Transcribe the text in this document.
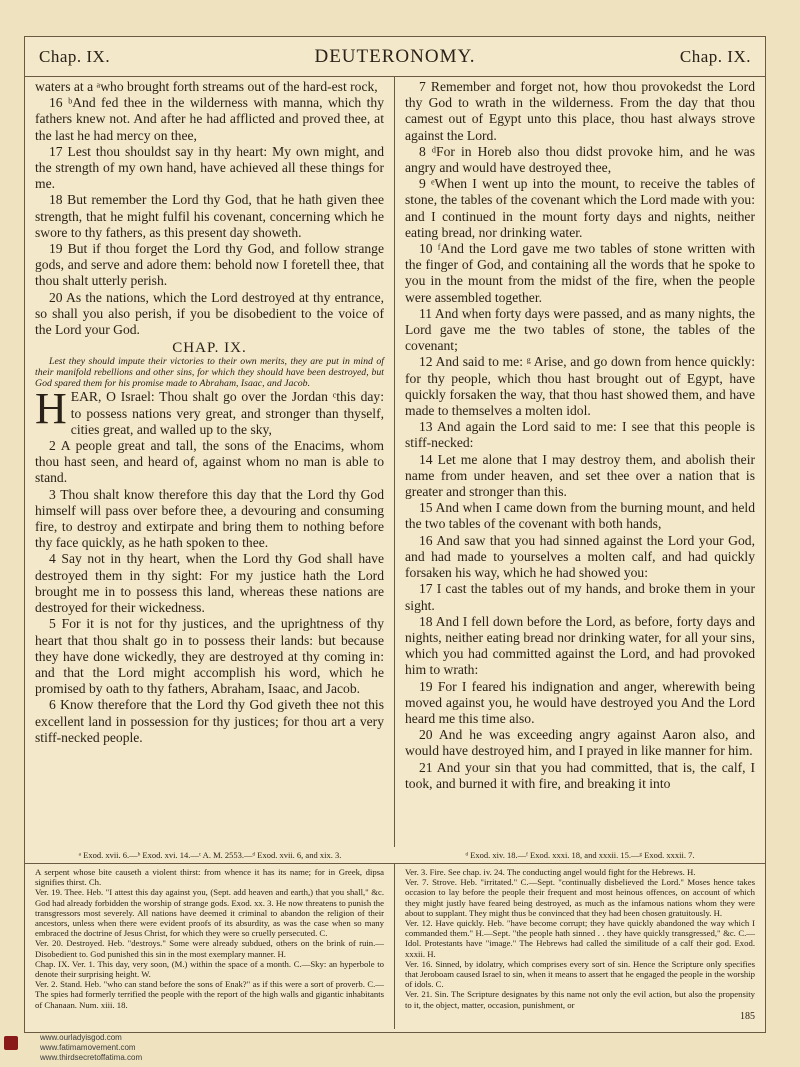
Chap. IX.	DEUTERONOMY.	Chap. IX.

waters at a ᵃwho brought forth streams out of the hard-est rock,

16 ᵇAnd fed thee in the wilderness with manna, which thy fathers knew not. And after he had afflicted and proved thee, at the last he had mercy on thee,

17 Lest thou shouldst say in thy heart: My own might, and the strength of my own hand, have achieved all these things for me.

18 But remember the Lord thy God, that he hath given thee strength, that he might fulfil his covenant, concerning which he swore to thy fathers, as this present day showeth.

19 But if thou forget the Lord thy God, and follow strange gods, and serve and adore them: behold now I foretell thee, that thou shalt utterly perish.

20 As the nations, which the Lord destroyed at thy entrance, so shall you also perish, if you be disobedient to the voice of the Lord your God.

CHAP. IX.

Lest they should impute their victories to their own merits, they are put in mind of their manifold rebellions and other sins, for which they should have been destroyed, but God spared them for his promise made to Abraham, Isaac, and Jacob.

HEAR, O Israel: Thou shalt go over the Jordan ᶜthis day: to possess nations very great, and stronger than thyself, cities great, and walled up to the sky,

2 A people great and tall, the sons of the Enacims, whom thou hast seen, and heard of, against whom no man is able to stand.

3 Thou shalt know therefore this day that the Lord thy God himself will pass over before thee, a devouring and consuming fire, to destroy and extirpate and bring them to nothing before thy face quickly, as he hath spoken to thee.

4 Say not in thy heart, when the Lord thy God shall have destroyed them in thy sight: For my justice hath the Lord brought me in to possess this land, whereas these nations are destroyed for their wickedness.

5 For it is not for thy justices, and the uprightness of thy heart that thou shalt go in to possess their lands: but because they have done wickedly, they are destroyed at thy coming in: and that the Lord might accomplish his word, which he promised by oath to thy fathers, Abraham, Isaac, and Jacob.

6 Know therefore that the Lord thy God giveth thee not this excellent land in possession for thy justices; for thou art a very stiff-necked people.

7 Remember and forget not, how thou provokedst the Lord thy God to wrath in the wilderness. From the day that thou camest out of Egypt unto this place, thou hast always strove against the Lord.

8 ᵈFor in Horeb also thou didst provoke him, and he was angry and would have destroyed thee,

9 ᵉWhen I went up into the mount, to receive the tables of stone, the tables of the covenant which the Lord made with you: and I continued in the mount forty days and nights, neither eating bread, nor drinking water.

10 ᶠAnd the Lord gave me two tables of stone written with the finger of God, and containing all the words that he spoke to you in the mount from the midst of the fire, when the people were assembled together.

11 And when forty days were passed, and as many nights, the Lord gave me the two tables of stone, the tables of the covenant;

12 And said to me: ᵍ Arise, and go down from hence quickly: for thy people, which thou hast brought out of Egypt, have quickly forsaken the way, that thou hast showed them, and have made to themselves a molten idol.

13 And again the Lord said to me: I see that this people is stiff-necked:

14 Let me alone that I may destroy them, and abolish their name from under heaven, and set thee over a nation that is greater and stronger than this.

15 And when I came down from the burning mount, and held the two tables of the covenant with both hands,

16 And saw that you had sinned against the Lord your God, and had made to yourselves a molten calf, and had quickly forsaken his way, which he had showed you:

17 I cast the tables out of my hands, and broke them in your sight.

18 And I fell down before the Lord, as before, forty days and nights, neither eating bread nor drinking water, for all your sins, which you had committed against the Lord, and had provoked him to wrath:

19 For I feared his indignation and anger, wherewith being moved against you, he would have destroyed you And the Lord heard me this time also.

20 And he was exceeding angry against Aaron also, and would have destroyed him, and I prayed in like manner for him.

21 And your sin that you had committed, that is, the calf, I took, and burned it with fire, and breaking it into

ᵃ Exod. xvii. 6.—ᵇ Exod. xvi. 14.—ᶜ A. M. 2553.—ᵈ Exod. xvii. 6, and xix. 3.	ᵈ Exod. xiv. 18.—ᶠ Exod. xxxi. 18, and xxxii. 15.—ᵍ Exod. xxxii. 7.

A serpent whose bite causeth a violent thirst: from whence it has its name; for in Greek, dipsa signifies thirst. Ch.

Ver. 19. Thee. Heb. "I attest this day against you, (Sept. add heaven and earth,) that you shall," &c. God had already forbidden the worship of strange gods. Exod. xx. 3. He now threatens to punish the transgressors most severely. All nations have deemed it criminal to abandon the religion of their ancestors, unless when there were evident proofs of its absurdity, as was the case when so many embraced the doctrine of Jesus Christ, for which they were so cruelly persecuted. C.

Ver. 20. Destroyed. Heb. "destroys." Some were already subdued, others on the brink of ruin.—Disobedient to. God punished this sin in the most exemplary manner. H.

Chap. IX. Ver. 1. This day, very soon, (M.) within the space of a month. C.—Sky: an hyperbole to denote their surprising height. W.

Ver. 2. Stand. Heb. "who can stand before the sons of Enak?" as if this were a sort of proverb. C.—The spies had formerly terrified the people with the report of the high walls and gigantic inhabitants of Chanaan. Num. xiii. 18.

Ver. 3. Fire. See chap. iv. 24. The conducting angel would fight for the Hebrews. H.

Ver. 7. Strove. Heb. "irritated." C.—Sept. "continually disbelieved the Lord." Moses hence takes occasion to lay before the people their frequent and most heinous offences, on account of which they might justly have feared being destroyed, as much as the infamous nations whom they were about to supplant. They might thus be convinced that they had been chosen gratuitously. H.

Ver. 12. Have quickly. Heb. "have become corrupt; they have quickly abandoned the way which I commanded them." H.—Sept. "the people hath sinned . . they have quickly transgressed," &c. C.—Idol. Protestants have "image." The Hebrews had called the similitude of a calf their god. Exod. xxxii. H.

Ver. 16. Sinned, by idolatry, which comprises every sort of sin. Hence the Scripture only specifies that Jeroboam caused Israel to sin, when it means to assert that he engaged the people in the worship of idols. C.

Ver. 21. Sin. The Scripture designates by this name not only the evil action, but also the propensity to it, the object, matter, occasion, punishment, or

185
www.ourladyisgod.com
www.fatimamovement.com
www.thirdsecretoffatima.com
